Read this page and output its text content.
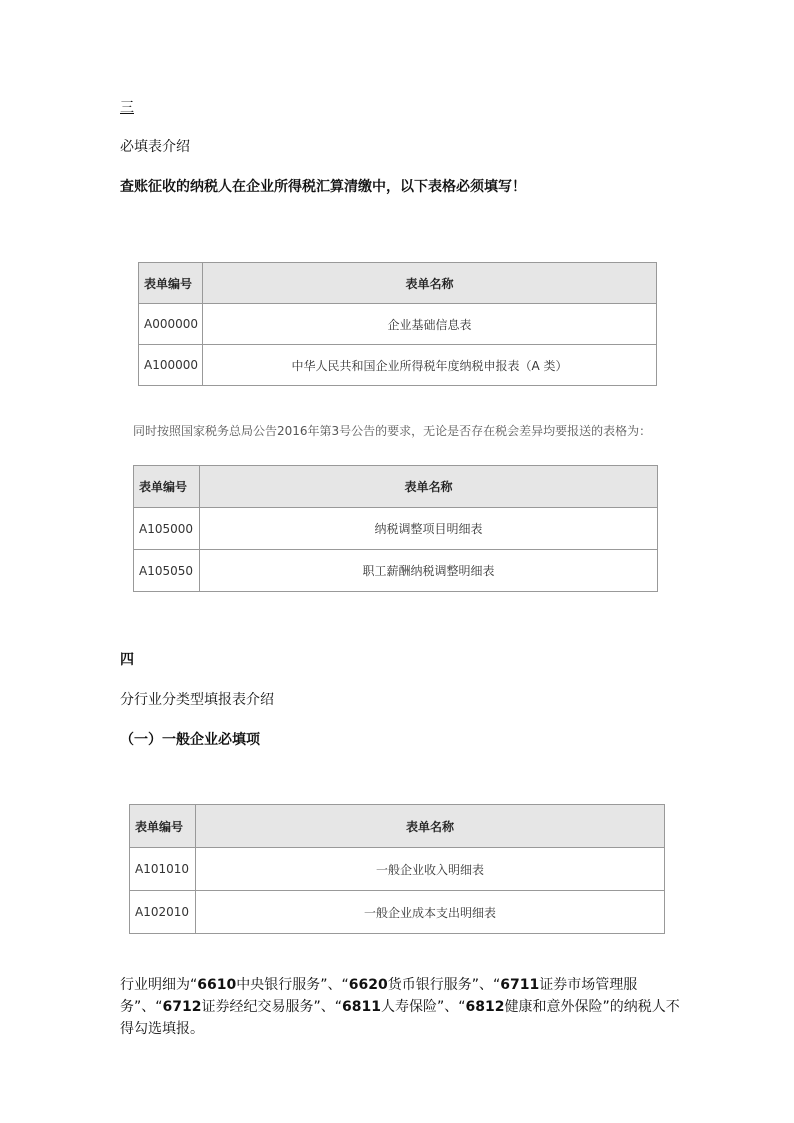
三
必填表介绍
查账征收的纳税人在企业所得税汇算清缴中，以下表格必须填写！
表单编号	表单名称
A000000	企业基础信息表
A100000	中华人民共和国企业所得税年度纳税申报表（A 类）
同时按照国家税务总局公告2016年第3号公告的要求，无论是否存在税会差异均要报送的表格为：
表单编号	表单名称
A105000	纳税调整项目明细表
A105050	职工薪酬纳税调整明细表
四
分行业分类型填报表介绍
（一）一般企业必填项
表单编号	表单名称
A101010	一般企业收入明细表
A102010	一般企业成本支出明细表
行业明细为“6610中央银行服务”、“6620货币银行服务”、“6711证券市场管理服务”、“6712证券经纪交易服务”、“6811人寿保险”、“6812健康和意外保险”的纳税人不得勾选填报。
